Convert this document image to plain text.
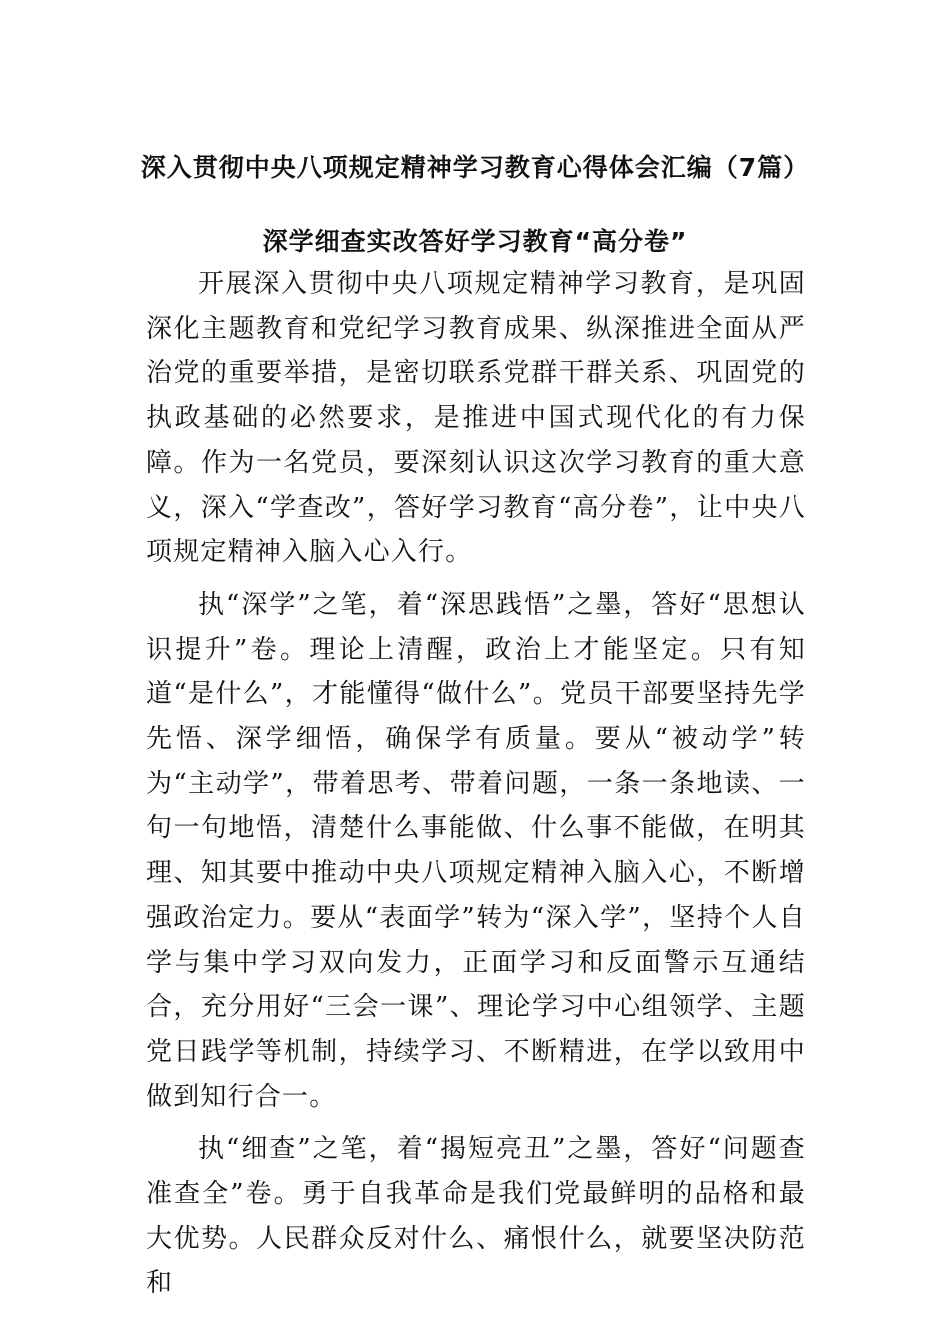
深入贯彻中央八项规定精神学习教育心得体会汇编（7篇）
深学细查实改答好学习教育“高分卷”

开展深入贯彻中央八项规定精神学习教育，是巩固深化主题教育和党纪学习教育成果、纵深推进全面从严治党的重要举措，是密切联系党群干群关系、巩固党的执政基础的必然要求，是推进中国式现代化的有力保障。作为一名党员，要深刻认识这次学习教育的重大意义，深入“学查改”，答好学习教育“高分卷”，让中央八项规定精神入脑入心入行。

执“深学”之笔，着“深思践悟”之墨，答好“思想认识提升”卷。理论上清醒，政治上才能坚定。只有知道“是什么”，才能懂得“做什么”。党员干部要坚持先学先悟、深学细悟，确保学有质量。要从“被动学”转为“主动学”，带着思考、带着问题，一条一条地读、一句一句地悟，清楚什么事能做、什么事不能做，在明其理、知其要中推动中央八项规定精神入脑入心，不断增强政治定力。要从“表面学”转为“深入学”，坚持个人自学与集中学习双向发力，正面学习和反面警示互通结合，充分用好“三会一课”、理论学习中心组领学、主题党日践学等机制，持续学习、不断精进，在学以致用中做到知行合一。

执“细查”之笔，着“揭短亮丑”之墨，答好“问题查准查全”卷。勇于自我革命是我们党最鲜明的品格和最大优势。人民群众反对什么、痛恨什么，就要坚决防范和
